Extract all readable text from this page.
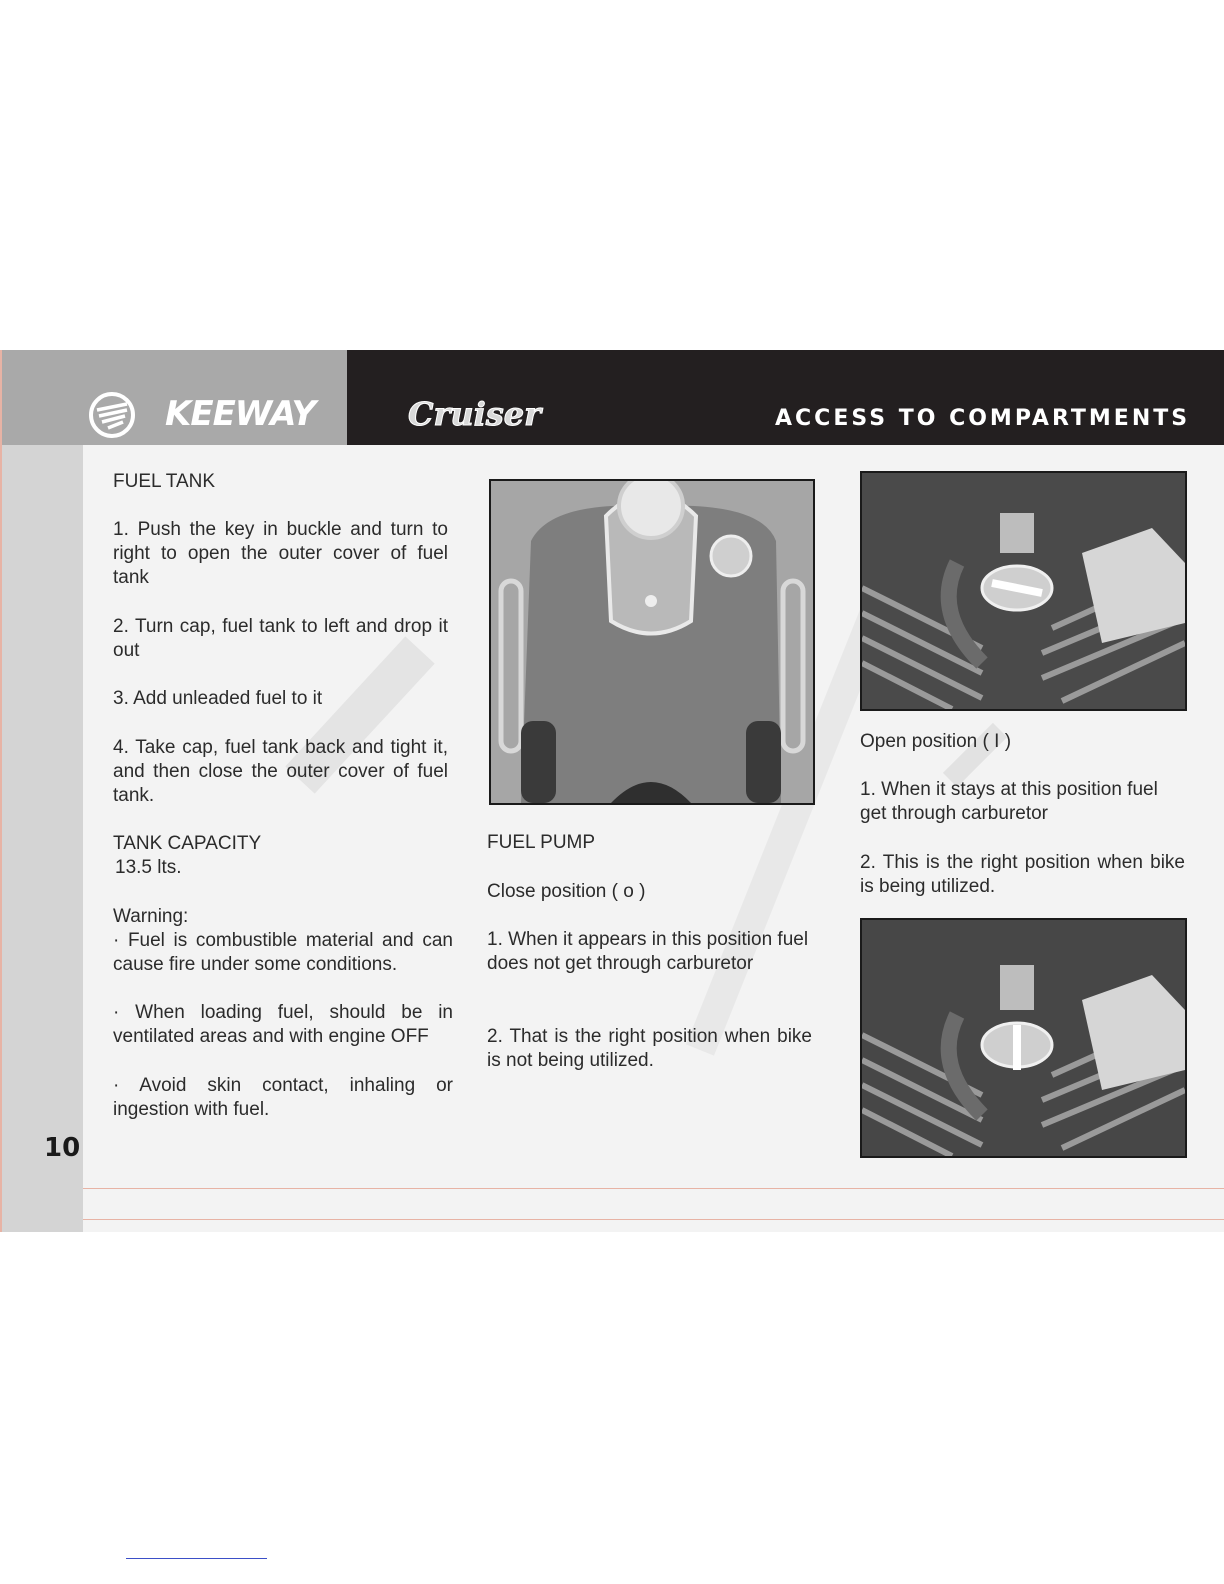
KEEWAY	Cruiser	ACCESS TO COMPARTMENTS

FUEL TANK

1. Push the key in buckle and turn to right to open the outer cover of fuel tank

2. Turn cap, fuel tank to left and drop it out

3. Add unleaded fuel to it

4. Take cap, fuel tank back and tight it, and then close the outer cover of fuel tank.

TANK CAPACITY

13.5 lts.

Warning:

· Fuel is combustible material and can cause fire under some conditions.

· When loading fuel, should be in ventilated areas and with engine OFF

· Avoid skin contact, inhaling or ingestion with fuel.

FUEL PUMP

Close position ( o )

1. When it appears in this position fuel does not get through carburetor

2. That is the right position when bike is not being utilized.

Open position ( I )

1. When it stays at this position fuel get through carburetor

2. This is the right position when bike is being utilized.

10
